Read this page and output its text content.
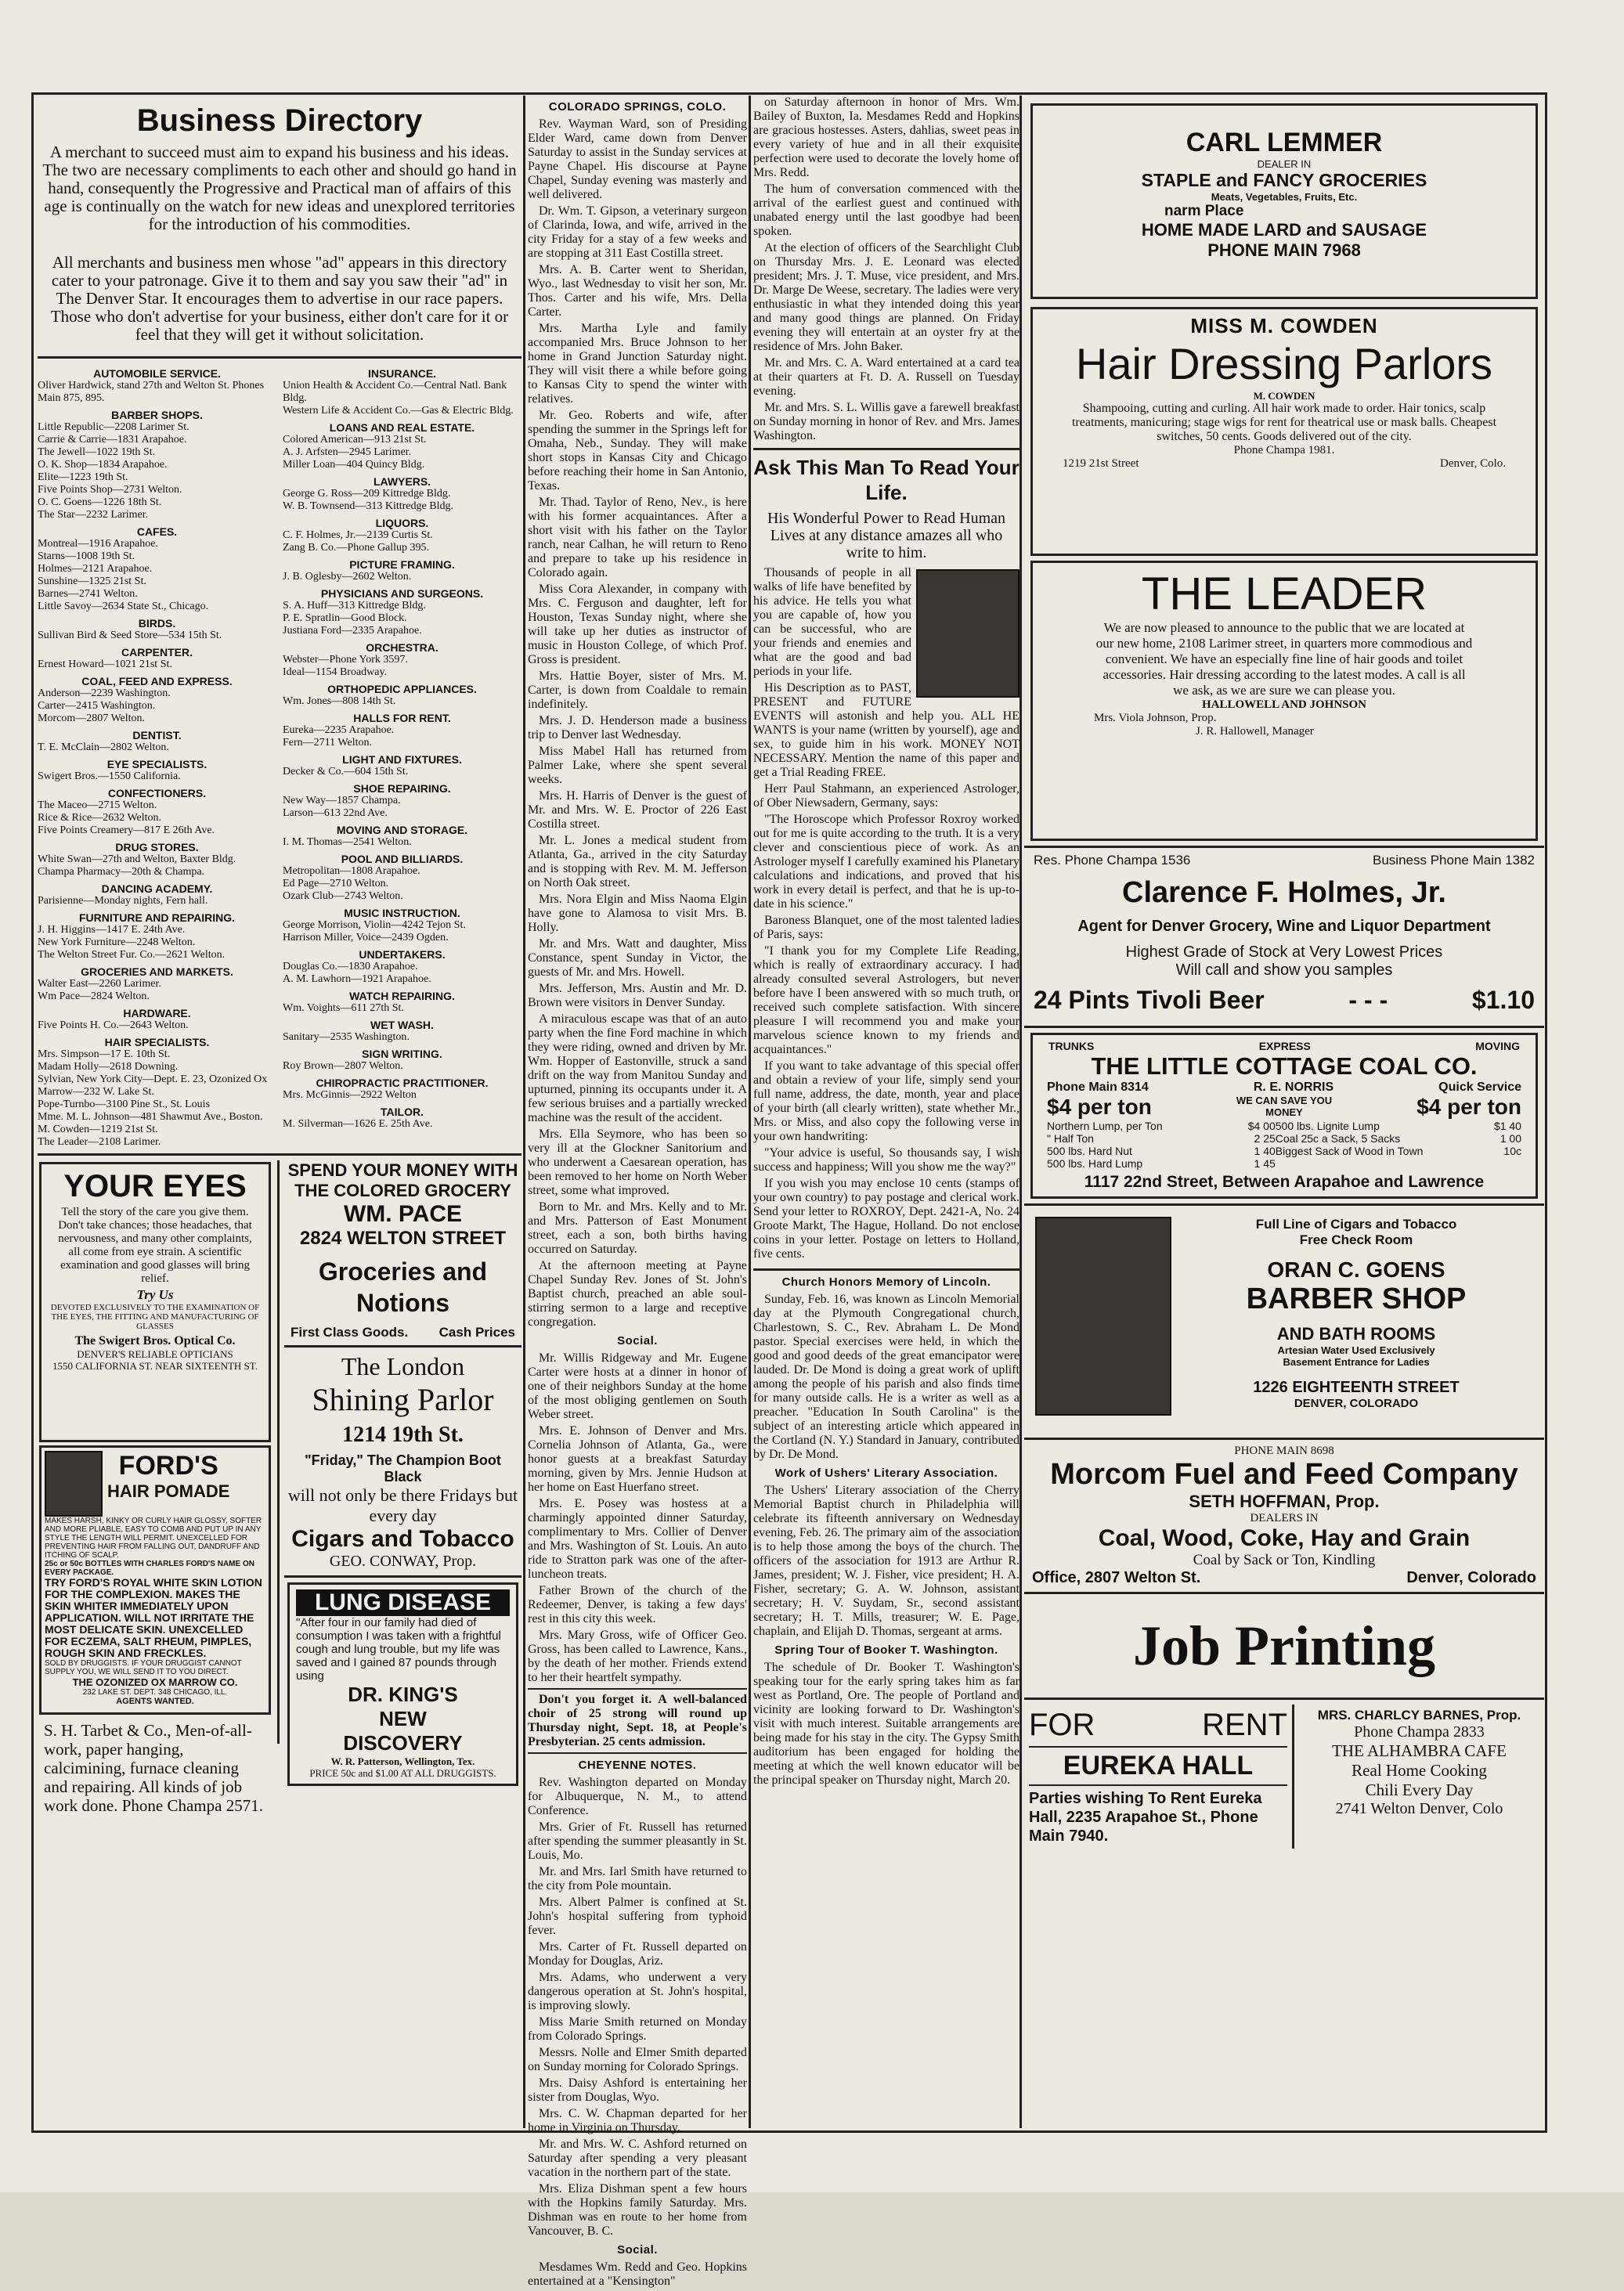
Business Directory
A merchant to succeed must aim to expand his business and his ideas. The two are necessary compliments to each other and should go hand in hand, consequently the Progressive and Practical man of affairs of this age is continually on the watch for new ideas and unexplored territories for the introduction of his commodities.
All merchants and business men whose "ad" appears in this directory cater to your patronage. Give it to them and say you saw their "ad" in The Denver Star. It encourages them to advertise in our race papers. Those who don't advertise for your business, either don't care for it or feel that they will get it without solicitation.
AUTOMOBILE SERVICE.
Oliver Hardwick, stand 27th and Welton St. Phones Main 875, 895.
BARBER SHOPS.
Little Republic—2208 Larimer St.
Carrie & Carrie—1831 Arapahoe.
The Jewell—1022 19th St.
O. K. Shop—1834 Arapahoe.
Elite—1223 19th St.
Five Points Shop—2731 Welton.
O. C. Goens—1226 18th St.
The Star—2232 Larimer.
CAFES.
Montreal—1916 Arapahoe.
Starns—1008 19th St.
Holmes—2121 Arapahoe.
Sunshine—1325 21st St.
Barnes—2741 Welton.
Little Savoy—2634 State St., Chicago.
BIRDS.
Sullivan Bird & Seed Store—534 15th St.
CARPENTER.
Ernest Howard—1021 21st St.
COAL, FEED AND EXPRESS.
Anderson—2239 Washington.
Carter—2415 Washington.
Morcom—2807 Welton.
DENTIST.
T. E. McClain—2802 Welton.
EYE SPECIALISTS.
Swigert Bros.—1550 California.
CONFECTIONERS.
The Maceo—2715 Welton.
Rice & Rice—2632 Welton.
Five Points Creamery—817 E 26th Ave.
DRUG STORES.
White Swan—27th and Welton, Baxter Bldg.
Champa Pharmacy—20th & Champa.
DANCING ACADEMY.
Parisienne—Monday nights, Fern hall.
FURNITURE AND REPAIRING.
J. H. Higgins—1417 E. 24th Ave.
New York Furniture—2248 Welton.
The Welton Street Fur. Co.—2621 Welton.
GROCERIES AND MARKETS.
Walter East—2260 Larimer.
Wm Pace—2824 Welton.
HARDWARE.
Five Points H. Co.—2643 Welton.
HAIR SPECIALISTS.
Mrs. Simpson—17 E. 10th St.
Madam Holly—2618 Downing.
Sylvian, New York City—Dept. E. 23, Ozonized Ox Marrow—232 W. Lake St.
Pope-Turnbo—3100 Pine St., St. Louis
Mme. M. L. Johnson—481 Shawmut Ave., Boston.
M. Cowden—1219 21st St.
The Leader—2108 Larimer.
INSURANCE.
Union Health & Accident Co.—Central Natl. Bank Bldg.
Western Life & Accident Co.—Gas & Electric Bldg.
LOANS AND REAL ESTATE.
Colored American—913 21st St.
A. J. Arfsten—2945 Larimer.
Miller Loan—404 Quincy Bldg.
LAWYERS.
George G. Ross—209 Kittredge Bldg.
W. B. Townsend—313 Kittredge Bldg.
LIQUORS.
C. F. Holmes, Jr.—2139 Curtis St.
Zang B. Co.—Phone Gallup 395.
PICTURE FRAMING.
J. B. Oglesby—2602 Welton.
PHYSICIANS AND SURGEONS.
S. A. Huff—313 Kittredge Bldg.
P. E. Spratlin—Good Block.
Justiana Ford—2335 Arapahoe.
ORCHESTRA.
Webster—Phone York 3597.
Ideal—1154 Broadway.
ORTHOPEDIC APPLIANCES.
Wm. Jones—808 14th St.
HALLS FOR RENT.
Eureka—2235 Arapahoe.
Fern—2711 Welton.
LIGHT AND FIXTURES.
Decker & Co.—604 15th St.
SHOE REPAIRING.
New Way—1857 Champa.
Larson—613 22nd Ave.
MOVING AND STORAGE.
I. M. Thomas—2541 Welton.
POOL AND BILLIARDS.
Metropolitan—1808 Arapahoe.
Ed Page—2710 Welton.
Ozark Club—2743 Welton.
MUSIC INSTRUCTION.
George Morrison, Violin—4242 Tejon St.
Harrison Miller, Voice—2439 Ogden.
UNDERTAKERS.
Douglas Co.—1830 Arapahoe.
A. M. Lawhorn—1921 Arapahoe.
WATCH REPAIRING.
Wm. Voights—611 27th St.
WET WASH.
Sanitary—2535 Washington.
SIGN WRITING.
Roy Brown—2807 Welton.
CHIROPRACTIC PRACTITIONER.
Mrs. McGinnis—2922 Welton
TAILOR.
M. Silverman—1626 E. 25th Ave.
YOUR EYES
Tell the story of the care you give them. Don't take chances; those headaches, that nervousness, and many other complaints, all come from eye strain. A scientific examination and good glasses will bring relief.
Try Us
DEVOTED EXCLUSIVELY TO THE EXAMINATION OF THE EYES, THE FITTING AND MANUFACTURING OF GLASSES
The Swigert Bros. Optical Co.
DENVER'S RELIABLE OPTICIANS
1550 CALIFORNIA ST. NEAR SIXTEENTH ST.
FORD'S
HAIR POMADE
MAKES HARSH, KINKY OR CURLY HAIR GLOSSY, SOFTER AND MORE PLIABLE, EASY TO COMB AND PUT UP IN ANY STYLE THE LENGTH WILL PERMIT. UNEXCELLED FOR PREVENTING HAIR FROM FALLING OUT, DANDRUFF AND ITCHING OF SCALP.
25c or 50c BOTTLES WITH CHARLES FORD'S NAME ON EVERY PACKAGE.
TRY FORD'S ROYAL WHITE SKIN LOTION FOR THE COMPLEXION. MAKES THE SKIN WHITER IMMEDIATELY UPON APPLICATION. WILL NOT IRRITATE THE MOST DELICATE SKIN. UNEXCELLED FOR ECZEMA, SALT RHEUM, PIMPLES, ROUGH SKIN AND FRECKLES.
SOLD BY DRUGGISTS. IF YOUR DRUGGIST CANNOT SUPPLY YOU, WE WILL SEND IT TO YOU DIRECT.
THE OZONIZED OX MARROW CO.
232 LAKE ST. DEPT. 348 CHICAGO, ILL.
AGENTS WANTED.
S. H. Tarbet & Co., Men-of-all-work, paper hanging, calcimining, furnace cleaning and repairing. All kinds of job work done. Phone Champa 2571.
SPEND YOUR MONEY WITH
THE COLORED GROCERY
WM. PACE
2824 WELTON STREET
Groceries and Notions
First Class Goods. Cash Prices
The London
Shining Parlor
1214 19th St.
"Friday," The Champion Boot Black
will not only be there Fridays but every day
Cigars and Tobacco
GEO. CONWAY, Prop.
LUNG DISEASE
"After four in our family had died of consumption I was taken with a frightful cough and lung trouble, but my life was saved and I gained 87 pounds through using
DR. KING'S
NEW
DISCOVERY
W. R. Patterson, Wellington, Tex.
PRICE 50c and $1.00 AT ALL DRUGGISTS.
COLORADO SPRINGS, COLO.

Rev. Wayman Ward, son of Presiding Elder Ward, came down from Denver Saturday to assist in the Sunday services at Payne Chapel. His discourse at Payne Chapel, Sunday evening was masterly and well delivered.

Dr. Wm. T. Gipson, a veterinary surgeon of Clarinda, Iowa, and wife, arrived in the city Friday for a stay of a few weeks and are stopping at 311 East Costilla street.

Mrs. A. B. Carter went to Sheridan, Wyo., last Wednesday to visit her son, Mr. Thos. Carter and his wife, Mrs. Della Carter.

Mrs. Martha Lyle and family accompanied Mrs. Bruce Johnson to her home in Grand Junction Saturday night. They will visit there a while before going to Kansas City to spend the winter with relatives.

Mr. Geo. Roberts and wife, after spending the summer in the Springs left for Omaha, Neb., Sunday. They will make short stops in Kansas City and Chicago before reaching their home in San Antonio, Texas.

Mr. Thad. Taylor of Reno, Nev., is here with his former acquaintances. After a short visit with his father on the Taylor ranch, near Calhan, he will return to Reno and prepare to take up his residence in Colorado again.

Miss Cora Alexander, in company with Mrs. C. Ferguson and daughter, left for Houston, Texas Sunday night, where she will take up her duties as instructor of music in Houston College, of which Prof. Gross is president.

Mrs. Hattie Boyer, sister of Mrs. M. Carter, is down from Coaldale to remain indefinitely.

Mrs. J. D. Henderson made a business trip to Denver last Wednesday.

Miss Mabel Hall has returned from Palmer Lake, where she spent several weeks.

Mrs. H. Harris of Denver is the guest of Mr. and Mrs. W. E. Proctor of 226 East Costilla street.

Mr. L. Jones a medical student from Atlanta, Ga., arrived in the city Saturday and is stopping with Rev. M. M. Jefferson on North Oak street.

Mrs. Nora Elgin and Miss Naoma Elgin have gone to Alamosa to visit Mrs. B. Holly.

Mr. and Mrs. Watt and daughter, Miss Constance, spent Sunday in Victor, the guests of Mr. and Mrs. Howell.

Mrs. Jefferson, Mrs. Austin and Mr. D. Brown were visitors in Denver Sunday.

A miraculous escape was that of an auto party when the fine Ford machine in which they were riding, owned and driven by Mr. Wm. Hopper of Eastonville, struck a sand drift on the way from Manitou Sunday and upturned, pinning its occupants under it. A few serious bruises and a partially wrecked machine was the result of the accident.

Mrs. Ella Seymore, who has been so very ill at the Glockner Sanitorium and who underwent a Caesarean operation, has been removed to her home on North Weber street, some what improved.

Born to Mr. and Mrs. Kelly and to Mr. and Mrs. Patterson of East Monument street, each a son, both births having occurred on Saturday.

At the afternoon meeting at Payne Chapel Sunday Rev. Jones of St. John's Baptist church, preached an able soul-stirring sermon to a large and receptive congregation.

Social.

Mr. Willis Ridgeway and Mr. Eugene Carter were hosts at a dinner in honor of one of their neighbors Sunday at the home of the most obliging gentlemen on South Weber street.

Mrs. E. Johnson of Denver and Mrs. Cornelia Johnson of Atlanta, Ga., were honor guests at a breakfast Saturday morning, given by Mrs. Jennie Hudson at her home on East Huerfano street.

Mrs. E. Posey was hostess at a charmingly appointed dinner Saturday, complimentary to Mrs. Collier of Denver and Mrs. Washington of St. Louis. An auto ride to Stratton park was one of the after-luncheon treats.

Father Brown of the church of the Redeemer, Denver, is taking a few days' rest in this city this week.

Mrs. Mary Gross, wife of Officer Geo. Gross, has been called to Lawrence, Kans., by the death of her mother. Friends extend to her their heartfelt sympathy.

Don't you forget it. A well-balanced choir of 25 strong will round up Thursday night, Sept. 18, at People's Presbyterian. 25 cents admission.

CHEYENNE NOTES.

Rev. Washington departed on Monday for Albuquerque, N. M., to attend Conference.

Mrs. Grier of Ft. Russell has returned after spending the summer pleasantly in St. Louis, Mo.

Mr. and Mrs. Iarl Smith have returned to the city from Pole mountain.

Mrs. Albert Palmer is confined at St. John's hospital suffering from typhoid fever.

Mrs. Carter of Ft. Russell departed on Monday for Douglas, Ariz.

Mrs. Adams, who underwent a very dangerous operation at St. John's hospital, is improving slowly.

Miss Marie Smith returned on Monday from Colorado Springs.

Messrs. Nolle and Elmer Smith departed on Sunday morning for Colorado Springs.

Mrs. Daisy Ashford is entertaining her sister from Douglas, Wyo.

Mrs. C. W. Chapman departed for her home in Virginia on Thursday.

Mr. and Mrs. W. C. Ashford returned on Saturday after spending a very pleasant vacation in the northern part of the state.

Mrs. Eliza Dishman spent a few hours with the Hopkins family Saturday. Mrs. Dishman was en route to her home from Vancouver, B. C.

Social.

Mesdames Wm. Redd and Geo. Hopkins entertained at a "Kensington"

on Saturday afternoon in honor of Mrs. Wm. Bailey of Buxton, Ia. Mesdames Redd and Hopkins are gracious hostesses. Asters, dahlias, sweet peas in every variety of hue and in all their exquisite perfection were used to decorate the lovely home of Mrs. Redd.

The hum of conversation commenced with the arrival of the earliest guest and continued with unabated energy until the last goodbye had been spoken.

At the election of officers of the Searchlight Club on Thursday Mrs. J. E. Leonard was elected president; Mrs. J. T. Muse, vice president, and Mrs. Dr. Marge De Weese, secretary. The ladies were very enthusiastic in what they intended doing this year and many good things are planned. On Friday evening they will entertain at an oyster fry at the residence of Mrs. John Baker.

Mr. and Mrs. C. A. Ward entertained at a card tea at their quarters at Ft. D. A. Russell on Tuesday evening.

Mr. and Mrs. S. L. Willis gave a farewell breakfast on Sunday morning in honor of Rev. and Mrs. James Washington.

Ask This Man To Read Your Life.
His Wonderful Power to Read Human Lives at any distance amazes all who write to him.

Thousands of people in all walks of life have benefited by his advice. He tells you what you are capable of, how you can be successful, who are your friends and enemies and what are the good and bad periods in your life.

His Description as to PAST, PRESENT and FUTURE EVENTS will astonish and help you. ALL HE WANTS is your name (written by yourself), age and sex, to guide him in his work. MONEY NOT NECESSARY. Mention the name of this paper and get a Trial Reading FREE.

Herr Paul Stahmann, an experienced Astrologer, of Ober Niewsadern, Germany, says:

"The Horoscope which Professor Roxroy worked out for me is quite according to the truth. It is a very clever and conscientious piece of work. As an Astrologer myself I carefully examined his Planetary calculations and indications, and proved that his work in every detail is perfect, and that he is up-to-date in his science."

Baroness Blanquet, one of the most talented ladies of Paris, says:

"I thank you for my Complete Life Reading, which is really of extraordinary accuracy. I had already consulted several Astrologers, but never before have I been answered with so much truth, or received such complete satisfaction. With sincere pleasure I will recommend you and make your marvelous science known to my friends and acquaintances."

If you want to take advantage of this special offer and obtain a review of your life, simply send your full name, address, the date, month, year and place of your birth (all clearly written), state whether Mr., Mrs. or Miss, and also copy the following verse in your own handwriting:

"Your advice is useful, So thousands say, I wish success and happiness; Will you show me the way?"

If you wish you may enclose 10 cents (stamps of your own country) to pay postage and clerical work. Send your letter to ROXROY, Dept. 2421-A, No. 24 Groote Markt, The Hague, Holland. Do not enclose coins in your letter. Postage on letters to Holland, five cents.

Church Honors Memory of Lincoln.

Sunday, Feb. 16, was known as Lincoln Memorial day at the Plymouth Congregational church, Charlestown, S. C., Rev. Abraham L. De Mond pastor. Special exercises were held, in which the good and good deeds of the great emancipator were lauded. Dr. De Mond is doing a great work of uplift among the people of his parish and also finds time for many outside calls. He is a writer as well as a preacher. "Education In South Carolina" is the subject of an interesting article which appeared in the Cortland (N. Y.) Standard in January, contributed by Dr. De Mond.

Work of Ushers' Literary Association.

The Ushers' Literary association of the Cherry Memorial Baptist church in Philadelphia will celebrate its fifteenth anniversary on Wednesday evening, Feb. 26. The primary aim of the association is to help those among the boys of the church. The officers of the association for 1913 are Arthur R. James, president; W. J. Fisher, vice president; H. A. Fisher, secretary; G. A. W. Johnson, assistant secretary; H. V. Suydam, Sr., second assistant secretary; H. T. Mills, treasurer; W. E. Page, chaplain, and Elijah D. Thomas, sergeant at arms.

Spring Tour of Booker T. Washington.

The schedule of Dr. Booker T. Washington's speaking tour for the early spring takes him as far west as Portland, Ore. The people of Portland and vicinity are looking forward to Dr. Washington's visit with much interest. Suitable arrangements are being made for his stay in the city. The Gypsy Smith auditorium has been engaged for holding the meeting at which the well known educator will be the principal speaker on Thursday night, March 20.

CARL LEMMER
DEALER IN
STAPLE and FANCY GROCERIES
Meats, Vegetables, Fruits, Etc.
narm Place
HOME MADE LARD and SAUSAGE
PHONE MAIN 7968
MISS M. COWDEN
Hair Dressing Parlors
M. COWDEN
Shampooing, cutting and curling. All hair work made to order. Hair tonics, scalp treatments, manicuring; stage wigs for rent for theatrical use or mask balls. Cheapest switches, 50 cents. Goods delivered out of the city.
Phone Champa 1981.
1219 21st Street	Denver, Colo.
THE LEADER
We are now pleased to announce to the public that we are located at our new home, 2108 Larimer street, in quarters more commodious and convenient. We have an especially fine line of hair goods and toilet accessories. Hair dressing according to the latest modes. A call is all we ask, as we are sure we can please you.
HALLOWELL AND JOHNSON
Mrs. Viola Johnson, Prop.
J. R. Hallowell, Manager
Res. Phone Champa 1536	Business Phone Main 1382
Clarence F. Holmes, Jr.
Agent for Denver Grocery, Wine and Liquor Department
Highest Grade of Stock at Very Lowest Prices
Will call and show you samples
24 Pints Tivoli Beer	- - -	$1.10
TRUNKS	EXPRESS	MOVING
THE LITTLE COTTAGE COAL CO.
Phone Main 8314	R. E. NORRIS	Quick Service
$4 per ton	WE CAN SAVE YOU MONEY	$4 per ton
Northern Lump, per Ton	$4 00 500 lbs. Lignite Lump	$1 40
" Half Ton	2 25 Coal 25c a Sack, 5 Sacks	1 00
500 lbs. Hard Nut	1 40 Biggest Sack of Wood in Town	10c
500 lbs. Hard Lump	1 45
1117 22nd Street, Between Arapahoe and Lawrence
Full Line of Cigars and Tobacco
Free Check Room
ORAN C. GOENS
BARBER SHOP
AND BATH ROOMS
Artesian Water Used Exclusively
Basement Entrance for Ladies
1226 EIGHTEENTH STREET
DENVER, COLORADO
PHONE MAIN 8698
Morcom Fuel and Feed Company
SETH HOFFMAN, Prop.
DEALERS IN
Coal, Wood, Coke, Hay and Grain
Coal by Sack or Ton, Kindling
Office, 2807 Welton St.	Denver, Colorado
Job Printing
FOR	RENT
EUREKA HALL
Parties wishing To Rent Eureka Hall, 2235 Arapahoe St., Phone Main 7940.
MRS. CHARLCY BARNES, Prop.
Phone Champa 2833
THE ALHAMBRA CAFE
Real Home Cooking
Chili Every Day
2741 Welton Denver, Colo
